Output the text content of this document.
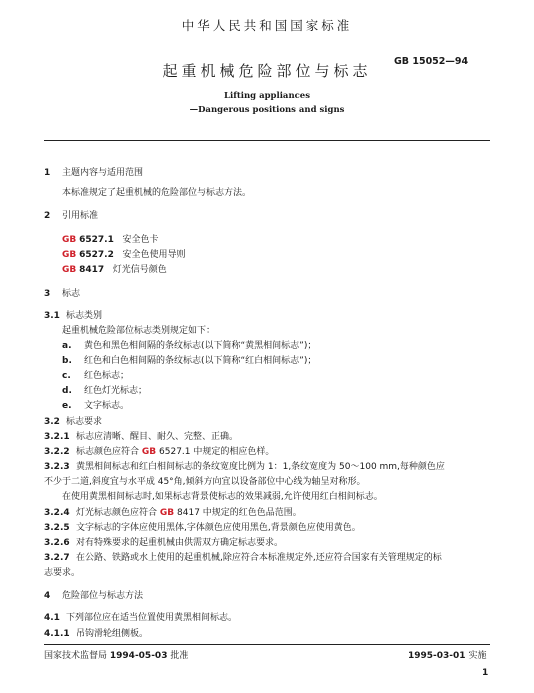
中华人民共和国国家标准
起重机械危险部位与标志
GB 15052—94
Lifting appliances
—Dangerous positions and signs
1 主题内容与适用范围
本标准规定了起重机械的危险部位与标志方法。
2 引用标准
GB 6527.1 安全色卡
GB 6527.2 安全色使用导则
GB 8417 灯光信号颜色
3 标志
3.1 标志类别
起重机械危险部位标志类别规定如下：
a. 黄色和黑色相间隔的条纹标志(以下简称“黄黑相间标志”)；
b. 红色和白色相间隔的条纹标志(以下简称“红白相间标志”)；
c. 红色标志；
d. 红色灯光标志；
e. 文字标志。
3.2 标志要求
3.2.1 标志应清晰、醒目、耐久、完整、正确。
3.2.2 标志颜色应符合 GB 6527.1 中规定的相应色样。
3.2.3 黄黑相间标志和红白相间标志的条纹宽度比例为 1：1,条纹宽度为 50～100 mm,每种颜色应
不少于二道,斜度宜与水平成 45°角,倾斜方向宜以设备部位中心线为轴呈对称形。
在使用黄黑相间标志时,如果标志背景使标志的效果减弱,允许使用红白相间标志。
3.2.4 灯光标志颜色应符合 GB 8417 中规定的红色色品范围。
3.2.5 文字标志的字体应使用黑体,字体颜色应使用黑色,背景颜色应使用黄色。
3.2.6 对有特殊要求的起重机械由供需双方确定标志要求。
3.2.7 在公路、铁路或水上使用的起重机械,除应符合本标准规定外,还应符合国家有关管理规定的标
志要求。
4 危险部位与标志方法
4.1 下列部位应在适当位置使用黄黑相间标志。
4.1.1 吊钩滑轮组侧板。
国家技术监督局 1994-05-03 批准	1995-03-01 实施
1
